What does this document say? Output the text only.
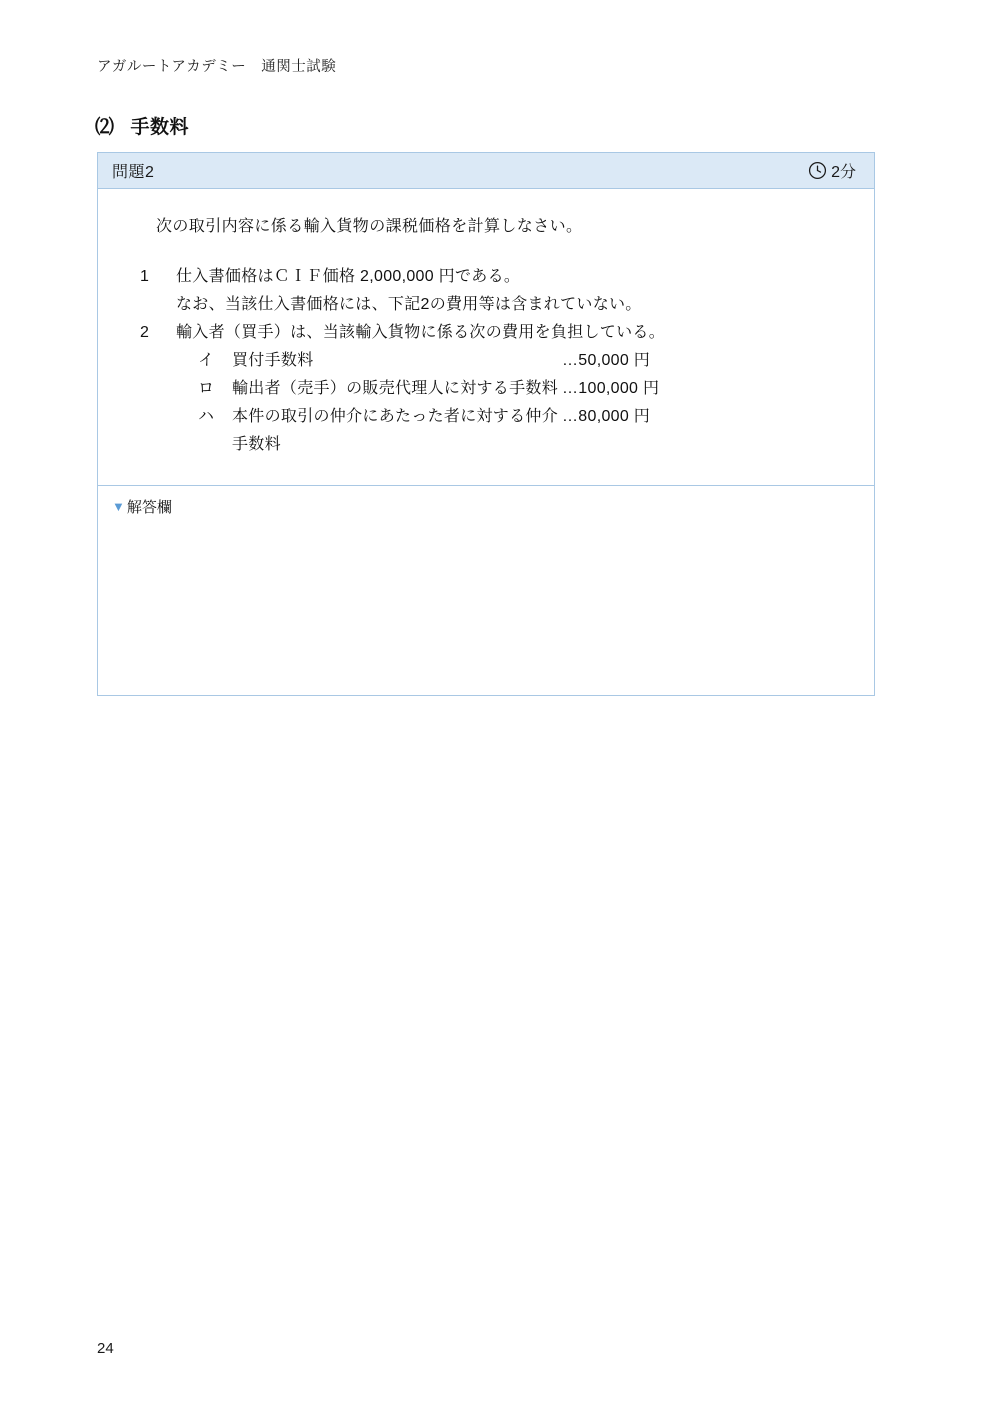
アガルートアカデミー　通関士試験
⑵ 手数料
問題2	2分
次の取引内容に係る輸入貨物の課税価格を計算しなさい。
1	仕入書価格はＣＩＦ価格 2,000,000 円である。
なお、当該仕入書価格には、下記2の費用等は含まれていない。
2	輸入者（買手）は、当該輸入貨物に係る次の費用を負担している。
イ	買付手数料	…50,000 円
ロ	輸出者（売手）の販売代理人に対する手数料 …100,000 円
ハ	本件の取引の仲介にあたった者に対する仲介手数料
…80,000 円
▼ 解答欄
24
